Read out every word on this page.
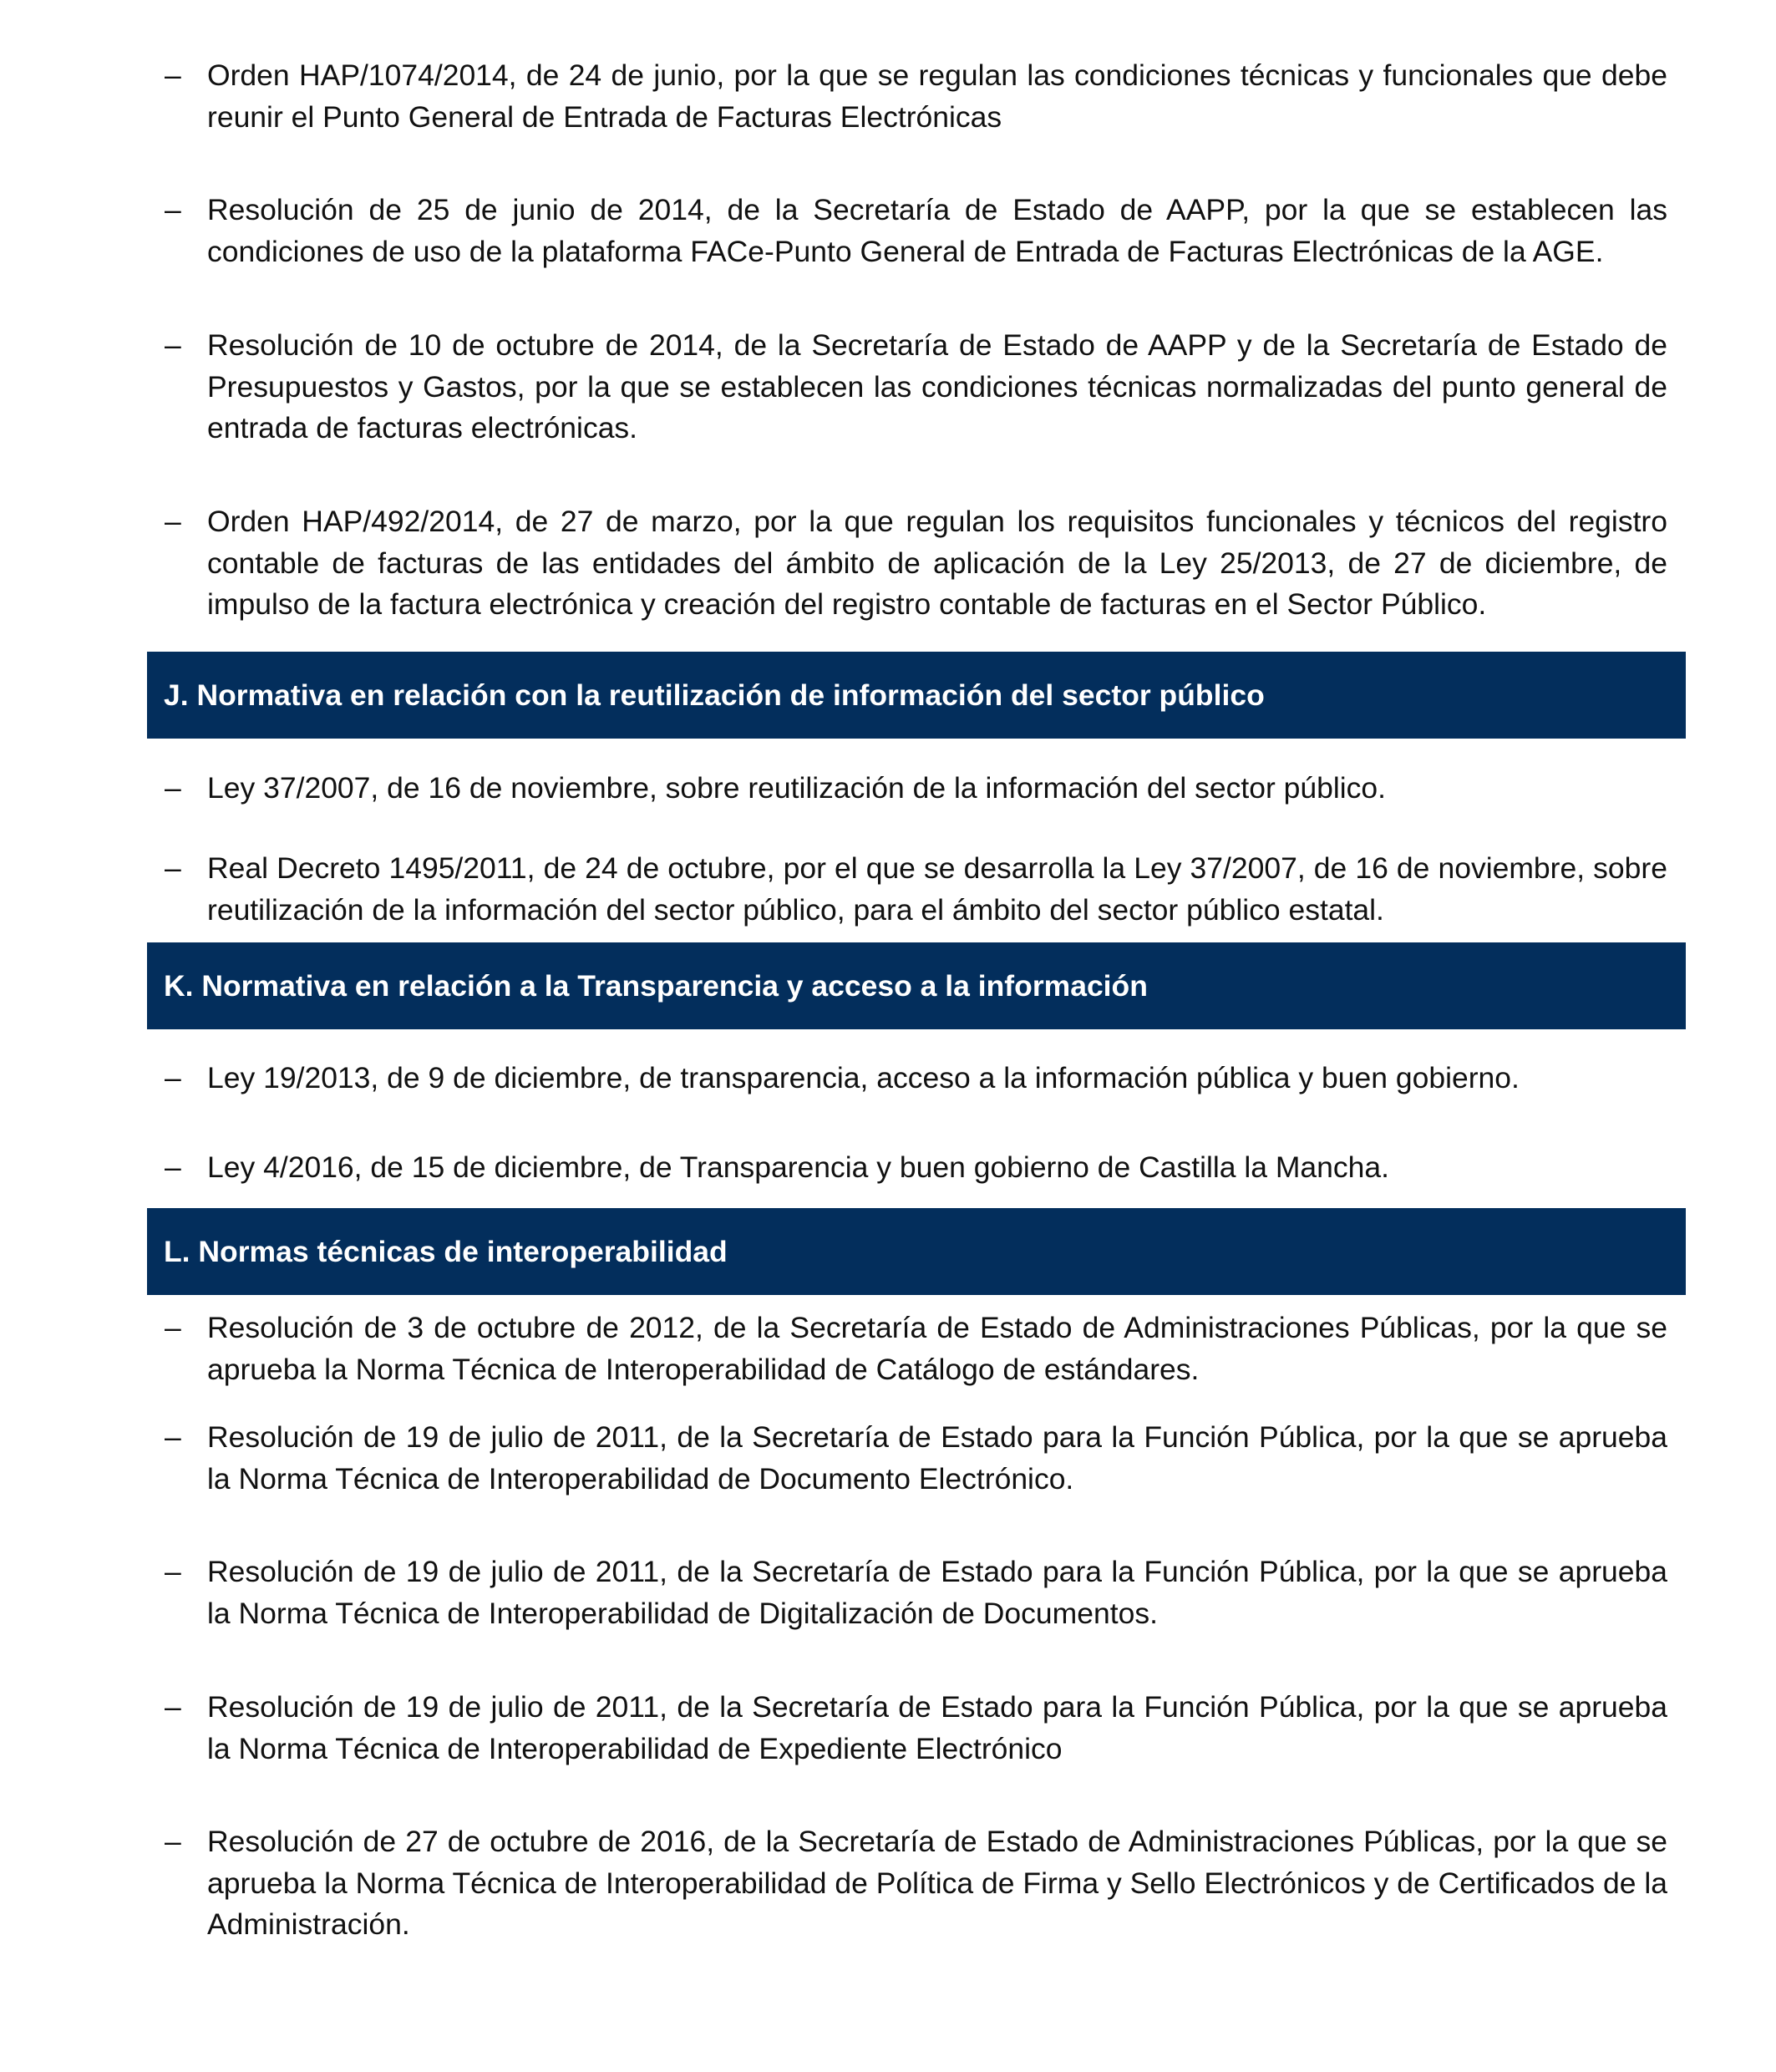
– Orden HAP/1074/2014, de 24 de junio, por la que se regulan las condiciones técnicas y funcionales que debe reunir el Punto General de Entrada de Facturas Electrónicas
– Resolución de 25 de junio de 2014, de la Secretaría de Estado de AAPP, por la que se establecen las condiciones de uso de la plataforma FACe-Punto General de Entrada de Facturas Electrónicas de la AGE.
– Resolución de 10 de octubre de 2014, de la Secretaría de Estado de AAPP y de la Secretaría de Estado de Presupuestos y Gastos, por la que se establecen las condiciones técnicas normalizadas del punto general de entrada de facturas electrónicas.
– Orden HAP/492/2014, de 27 de marzo, por la que regulan los requisitos funcionales y técnicos del registro contable de facturas de las entidades del ámbito de aplicación de la Ley 25/2013, de 27 de diciembre, de impulso de la factura electrónica y creación del registro contable de facturas en el Sector Público.
J. Normativa en relación con la reutilización de información del sector público
– Ley 37/2007, de 16 de noviembre, sobre reutilización de la información del sector público.
– Real Decreto 1495/2011, de 24 de octubre, por el que se desarrolla la Ley 37/2007, de 16 de noviembre, sobre reutilización de la información del sector público, para el ámbito del sector público estatal.
K. Normativa en relación a la Transparencia y acceso a la información
– Ley 19/2013, de 9 de diciembre, de transparencia, acceso a la información pública y buen gobierno.
– Ley 4/2016, de 15 de diciembre, de Transparencia y buen gobierno de Castilla la Mancha.
L. Normas técnicas de interoperabilidad
– Resolución de 3 de octubre de 2012, de la Secretaría de Estado de Administraciones Públicas, por la que se aprueba la Norma Técnica de Interoperabilidad de Catálogo de estándares.
– Resolución de 19 de julio de 2011, de la Secretaría de Estado para la Función Pública, por la que se aprueba la Norma Técnica de Interoperabilidad de Documento Electrónico.
– Resolución de 19 de julio de 2011, de la Secretaría de Estado para la Función Pública, por la que se aprueba la Norma Técnica de Interoperabilidad de Digitalización de Documentos.
– Resolución de 19 de julio de 2011, de la Secretaría de Estado para la Función Pública, por la que se aprueba la Norma Técnica de Interoperabilidad de Expediente Electrónico
– Resolución de 27 de octubre de 2016, de la Secretaría de Estado de Administraciones Públicas, por la que se aprueba la Norma Técnica de Interoperabilidad de Política de Firma y Sello Electrónicos y de Certificados de la Administración.
